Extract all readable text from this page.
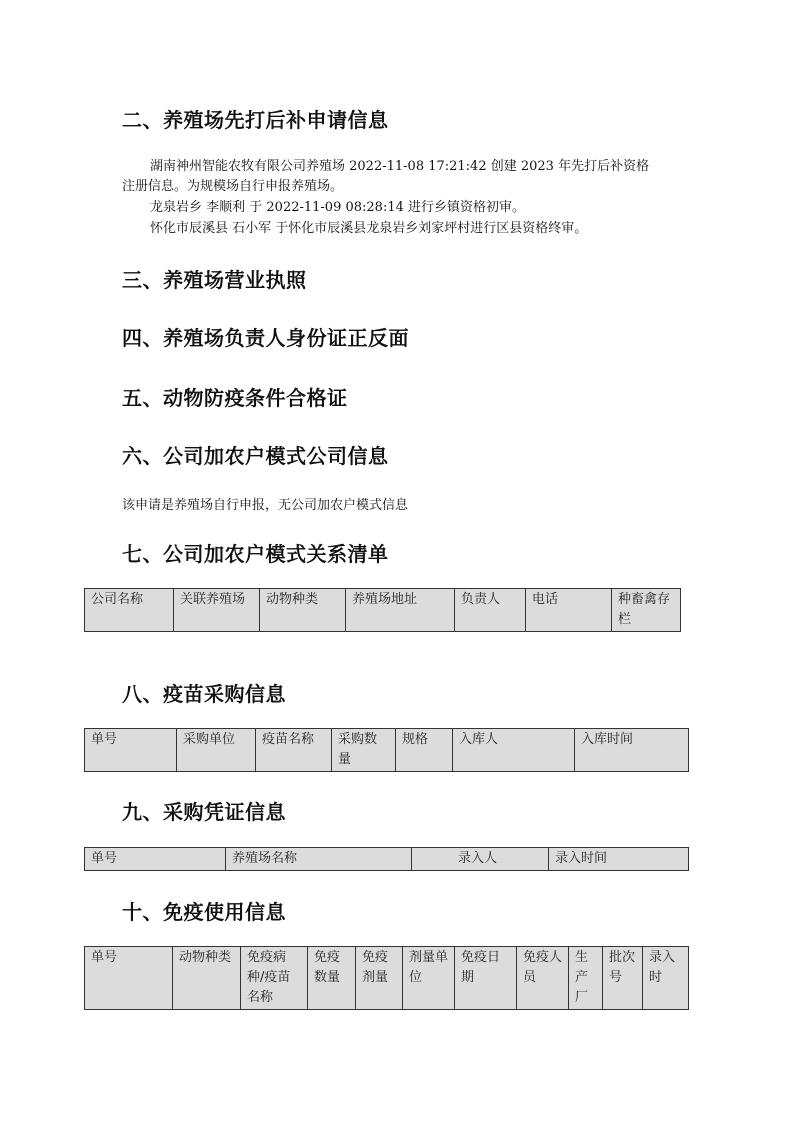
二、养殖场先打后补申请信息

湖南神州智能农牧有限公司养殖场 2022-11-08 17:21:42 创建 2023 年先打后补资格

注册信息。为规模场自行申报养殖场。

龙泉岩乡 李顺利 于 2022-11-09 08:28:14 进行乡镇资格初审。

怀化市辰溪县 石小军 于怀化市辰溪县龙泉岩乡刘家坪村进行区县资格终审。

三、养殖场营业执照
四、养殖场负责人身份证正反面
五、动物防疫条件合格证
六、公司加农户模式公司信息

该申请是养殖场自行申报，无公司加农户模式信息

七、公司加农户模式关系清单
公司名称	关联养殖场	动物种类	养殖场地址	负责人	电话	种畜禽存栏
八、疫苗采购信息
单号	采购单位	疫苗名称	采购数量	规格	入库人	入库时间
九、采购凭证信息
单号	养殖场名称	录入人	录入时间
十、免疫使用信息
单号	动物种类	免疫病种/疫苗名称	免疫数量	免疫剂量	剂量单位	免疫日期	免疫人员	生产厂	批次号	录入时
